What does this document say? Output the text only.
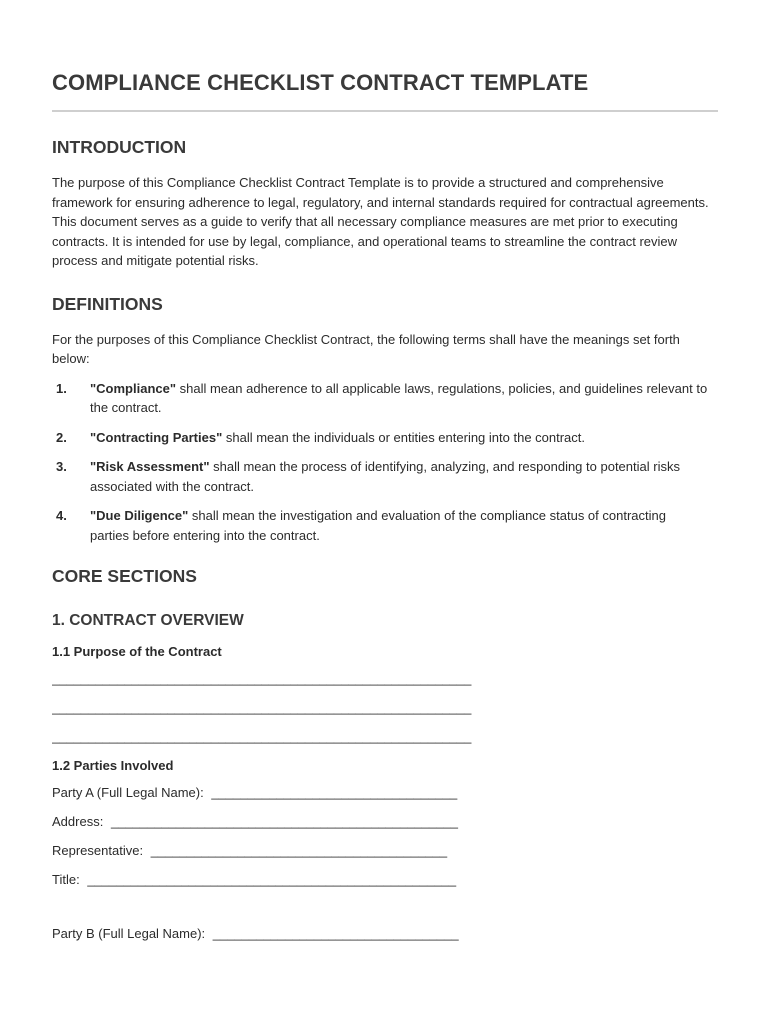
COMPLIANCE CHECKLIST CONTRACT TEMPLATE
INTRODUCTION

The purpose of this Compliance Checklist Contract Template is to provide a structured and comprehensive framework for ensuring adherence to legal, regulatory, and internal standards required for contractual agreements. This document serves as a guide to verify that all necessary compliance measures are met prior to executing contracts. It is intended for use by legal, compliance, and operational teams to streamline the contract review process and mitigate potential risks.

DEFINITIONS

For the purposes of this Compliance Checklist Contract, the following terms shall have the meanings set forth below:

1.	"Compliance" shall mean adherence to all applicable laws, regulations, policies, and guidelines relevant to the contract.
2.	"Contracting Parties" shall mean the individuals or entities entering into the contract.
3.	"Risk Assessment" shall mean the process of identifying, analyzing, and responding to potential risks associated with the contract.
4.	"Due Diligence" shall mean the investigation and evaluation of the compliance status of contracting parties before entering into the contract.
CORE SECTIONS
1. CONTRACT OVERVIEW
1.1 Purpose of the Contract
__________________________________________________________
__________________________________________________________
__________________________________________________________
1.2 Parties Involved
Party A (Full Legal Name): __________________________________
Address: ________________________________________________
Representative: _________________________________________
Title: ___________________________________________________
Party B (Full Legal Name): __________________________________
